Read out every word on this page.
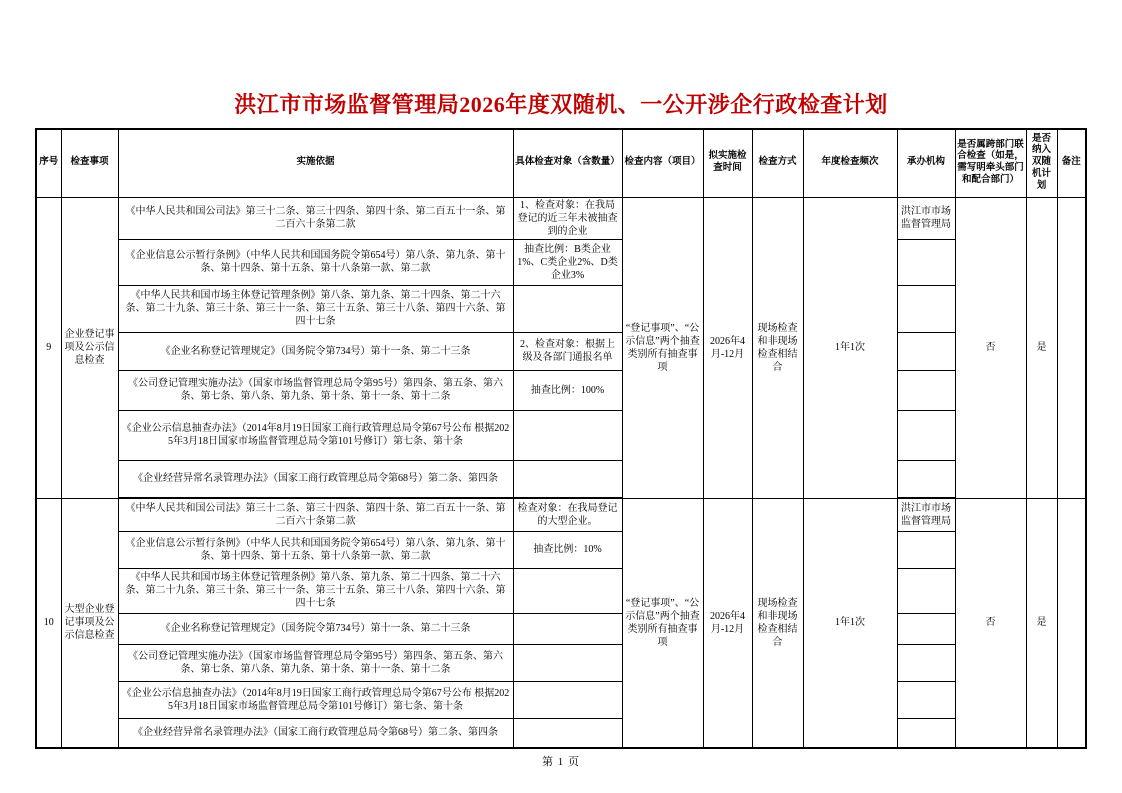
洪江市市场监督管理局2026年度双随机、一公开涉企行政检查计划
序号	检查事项	实施依据	具体检查对象（含数量）	检查内容（项目）	拟实施检查时间	检查方式	年度检查频次	承办机构	是否属跨部门联合检查（如是，需写明牵头部门和配合部门）	是否纳入双随机计划	备注
9	企业登记事项及公示信息检查	《中华人民共和国公司法》第三十二条、第三十四条、第四十条、第二百五十一条、第二百六十条第二款	1、检查对象：在我局登记的近三年未被抽查到的企业	“登记事项”、“公示信息”两个抽查类别所有抽查事项	2026年4月-12月	现场检查和非现场检查相结合	1年1次	洪江市市场监督管理局	否	是	
		《企业信息公示暂行条例》（中华人民共和国国务院令第654号）第八条、第九条、第十条、第十四条、第十五条、第十八条第一款、第二款	抽查比例：B类企业1%、C类企业2%、D类企业3%								
		《中华人民共和国市场主体登记管理条例》第八条、第九条、第二十四条、第二十六条、第二十九条、第三十条、第三十一条、第三十五条、第三十八条、第四十六条、第四十七条									
		《企业名称登记管理规定》（国务院令第734号）第十一条、第二十三条	2、检查对象：根据上级及各部门通报名单								
		《公司登记管理实施办法》（国家市场监督管理总局令第95号）第四条、第五条、第六条、第七条、第八条、第九条、第十条、第十一条、第十二条	抽查比例：100%								
		《企业公示信息抽查办法》（2014年8月19日国家工商行政管理总局令第67号公布 根据2025年3月18日国家市场监督管理总局令第101号修订）第七条、第十条									
		《企业经营异常名录管理办法》（国家工商行政管理总局令第68号）第二条、第四条									
10	大型企业登记事项及公示信息检查	《中华人民共和国公司法》第三十二条、第三十四条、第四十条、第二百五十一条、第二百六十条第二款	检查对象：在我局登记的大型企业。	“登记事项”、“公示信息”两个抽查类别所有抽查事项	2026年4月-12月	现场检查和非现场检查相结合	1年1次	洪江市市场监督管理局	否	是	
		《企业信息公示暂行条例》（中华人民共和国国务院令第654号）第八条、第九条、第十条、第十四条、第十五条、第十八条第一款、第二款	抽查比例：10%								
		《中华人民共和国市场主体登记管理条例》第八条、第九条、第二十四条、第二十六条、第二十九条、第三十条、第三十一条、第三十五条、第三十八条、第四十六条、第四十七条									
		《企业名称登记管理规定》（国务院令第734号）第十一条、第二十三条									
		《公司登记管理实施办法》（国家市场监督管理总局令第95号）第四条、第五条、第六条、第七条、第八条、第九条、第十条、第十一条、第十二条									
		《企业公示信息抽查办法》（2014年8月19日国家工商行政管理总局令第67号公布 根据2025年3月18日国家市场监督管理总局令第101号修订）第七条、第十条									
		《企业经营异常名录管理办法》（国家工商行政管理总局令第68号）第二条、第四条									
第 1 页
